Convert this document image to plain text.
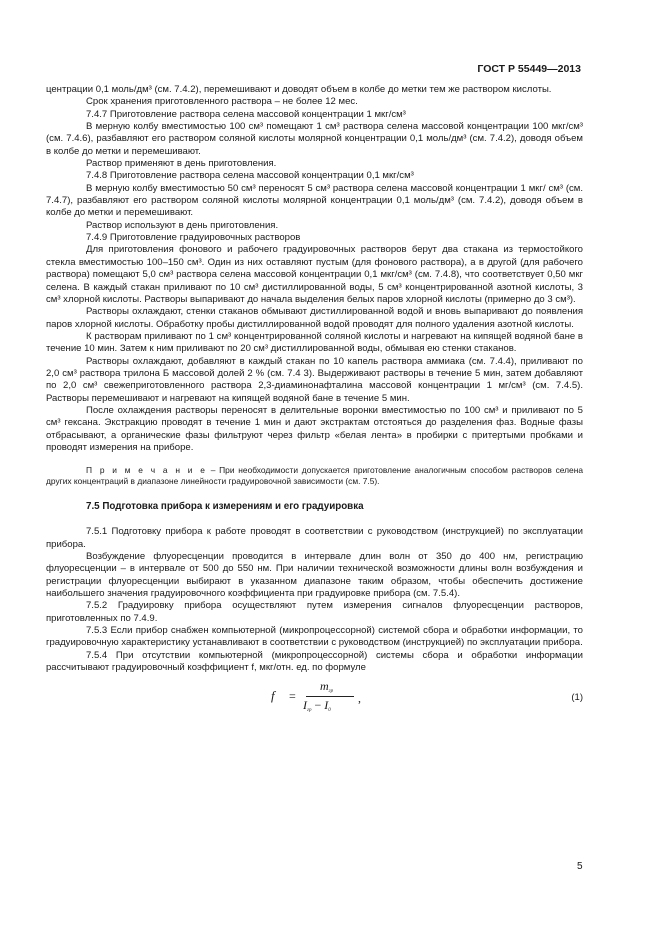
ГОСТ Р 55449—2013

центрации 0,1 моль/дм³ (см. 7.4.2), перемешивают и доводят объем в колбе до метки тем же раствором кислоты.

Срок хранения приготовленного раствора – не более 12 мес.

7.4.7 Приготовление раствора селена массовой концентрации 1 мкг/см³

В мерную колбу вместимостью 100 см³ помещают 1 см³ раствора селена массовой концентрации 100 мкг/см³ (см. 7.4.6), разбавляют его раствором соляной кислоты молярной концентрации 0,1 моль/дм³ (см. 7.4.2), доводя объем в колбе до метки и перемешивают.

Раствор применяют в день приготовления.

7.4.8 Приготовление раствора селена массовой концентрации 0,1 мкг/см³

В мерную колбу вместимостью 50 см³ переносят 5 см³ раствора селена массовой концентрации 1 мкг/ см³ (см. 7.4.7), разбавляют его раствором соляной кислоты молярной концентрации 0,1 моль/дм³ (см. 7.4.2), доводя объем в колбе до метки и перемешивают.

Раствор используют в день приготовления.

7.4.9 Приготовление градуировочных растворов

Для приготовления фонового и рабочего градуировочных растворов берут два стакана из термостойкого стекла вместимостью 100–150 см³. Один из них оставляют пустым (для фонового раствора), а в другой (для рабочего раствора) помещают 5,0 см³ раствора селена массовой концентрации 0,1 мкг/см³ (см. 7.4.8), что соответствует 0,50 мкг селена. В каждый стакан приливают по 10 см³ дистиллированной воды, 5 см³ концентрированной азотной кислоты, 3 см³ хлорной кислоты. Растворы выпаривают до начала выделения белых паров хлорной кислоты (примерно до 3 см³).

Растворы охлаждают, стенки стаканов обмывают дистиллированной водой и вновь выпаривают до появления паров хлорной кислоты. Обработку пробы дистиллированной водой проводят для полного удаления азотной кислоты.

К растворам приливают по 1 см³ концентрированной соляной кислоты и нагревают на кипящей водяной бане в течение 10 мин. Затем к ним приливают по 20 см³ дистиллированной воды, обмывая ею стенки стаканов.

Растворы охлаждают, добавляют в каждый стакан по 10 капель раствора аммиака (см. 7.4.4), приливают по 2,0 см³ раствора трилона Б массовой долей 2 % (см. 7.4 3). Выдерживают растворы в течение 5 мин, затем добавляют по 2,0 см³ свежеприготовленного раствора 2,3-диаминонафталина массовой концентрации 1 мг/см³ (см. 7.4.5). Растворы перемешивают и нагревают на кипящей водяной бане в течение 5 мин.

После охлаждения растворы переносят в делительные воронки вместимостью по 100 см³ и приливают по 5 см³ гексана. Экстракцию проводят в течение 1 мин и дают экстрактам отстояться до разделения фаз. Водные фазы отбрасывают, а органические фазы фильтруют через фильтр «белая лента» в пробирки с притертыми пробками и проводят измерения на приборе.

П р и м е ч а н и е – При необходимости допускается приготовление аналогичным способом растворов селена других концентраций в диапазоне линейности градуировочной зависимости (см. 7.5).

7.5 Подготовка прибора к измерениям и его градуировка

7.5.1 Подготовку прибора к работе проводят в соответствии с руководством (инструкцией) по эксплуатации прибора.

Возбуждение флуоресценции проводится в интервале длин волн от 350 до 400 нм, регистрацию флуоресценции – в интервале от 500 до 550 нм. При наличии технической возможности длины волн возбуждения и регистрации флуоресценции выбирают в указанном диапазоне таким образом, чтобы обеспечить достижение наибольшего значения градуировочного коэффициента при градуировке прибора (см. 7.5.4).

7.5.2 Градуировку прибора осуществляют путем измерения сигналов флуоресценции растворов, приготовленных по 7.4.9.

7.5.3 Если прибор снабжен компьютерной (микропроцессорной) системой сбора и обработки информации, то градуировочную характеристику устанавливают в соответствии с руководством (инструкцией) по эксплуатации прибора.

7.5.4 При отсутствии компьютерной (микропроцессорной) системы сбора и обработки информации рассчитывают градуировочный коэффициент f, мкг/отн. ед. по формуле

f =
$m_{гр}$
$I_{гр} - I_0$
,	(1)
5
